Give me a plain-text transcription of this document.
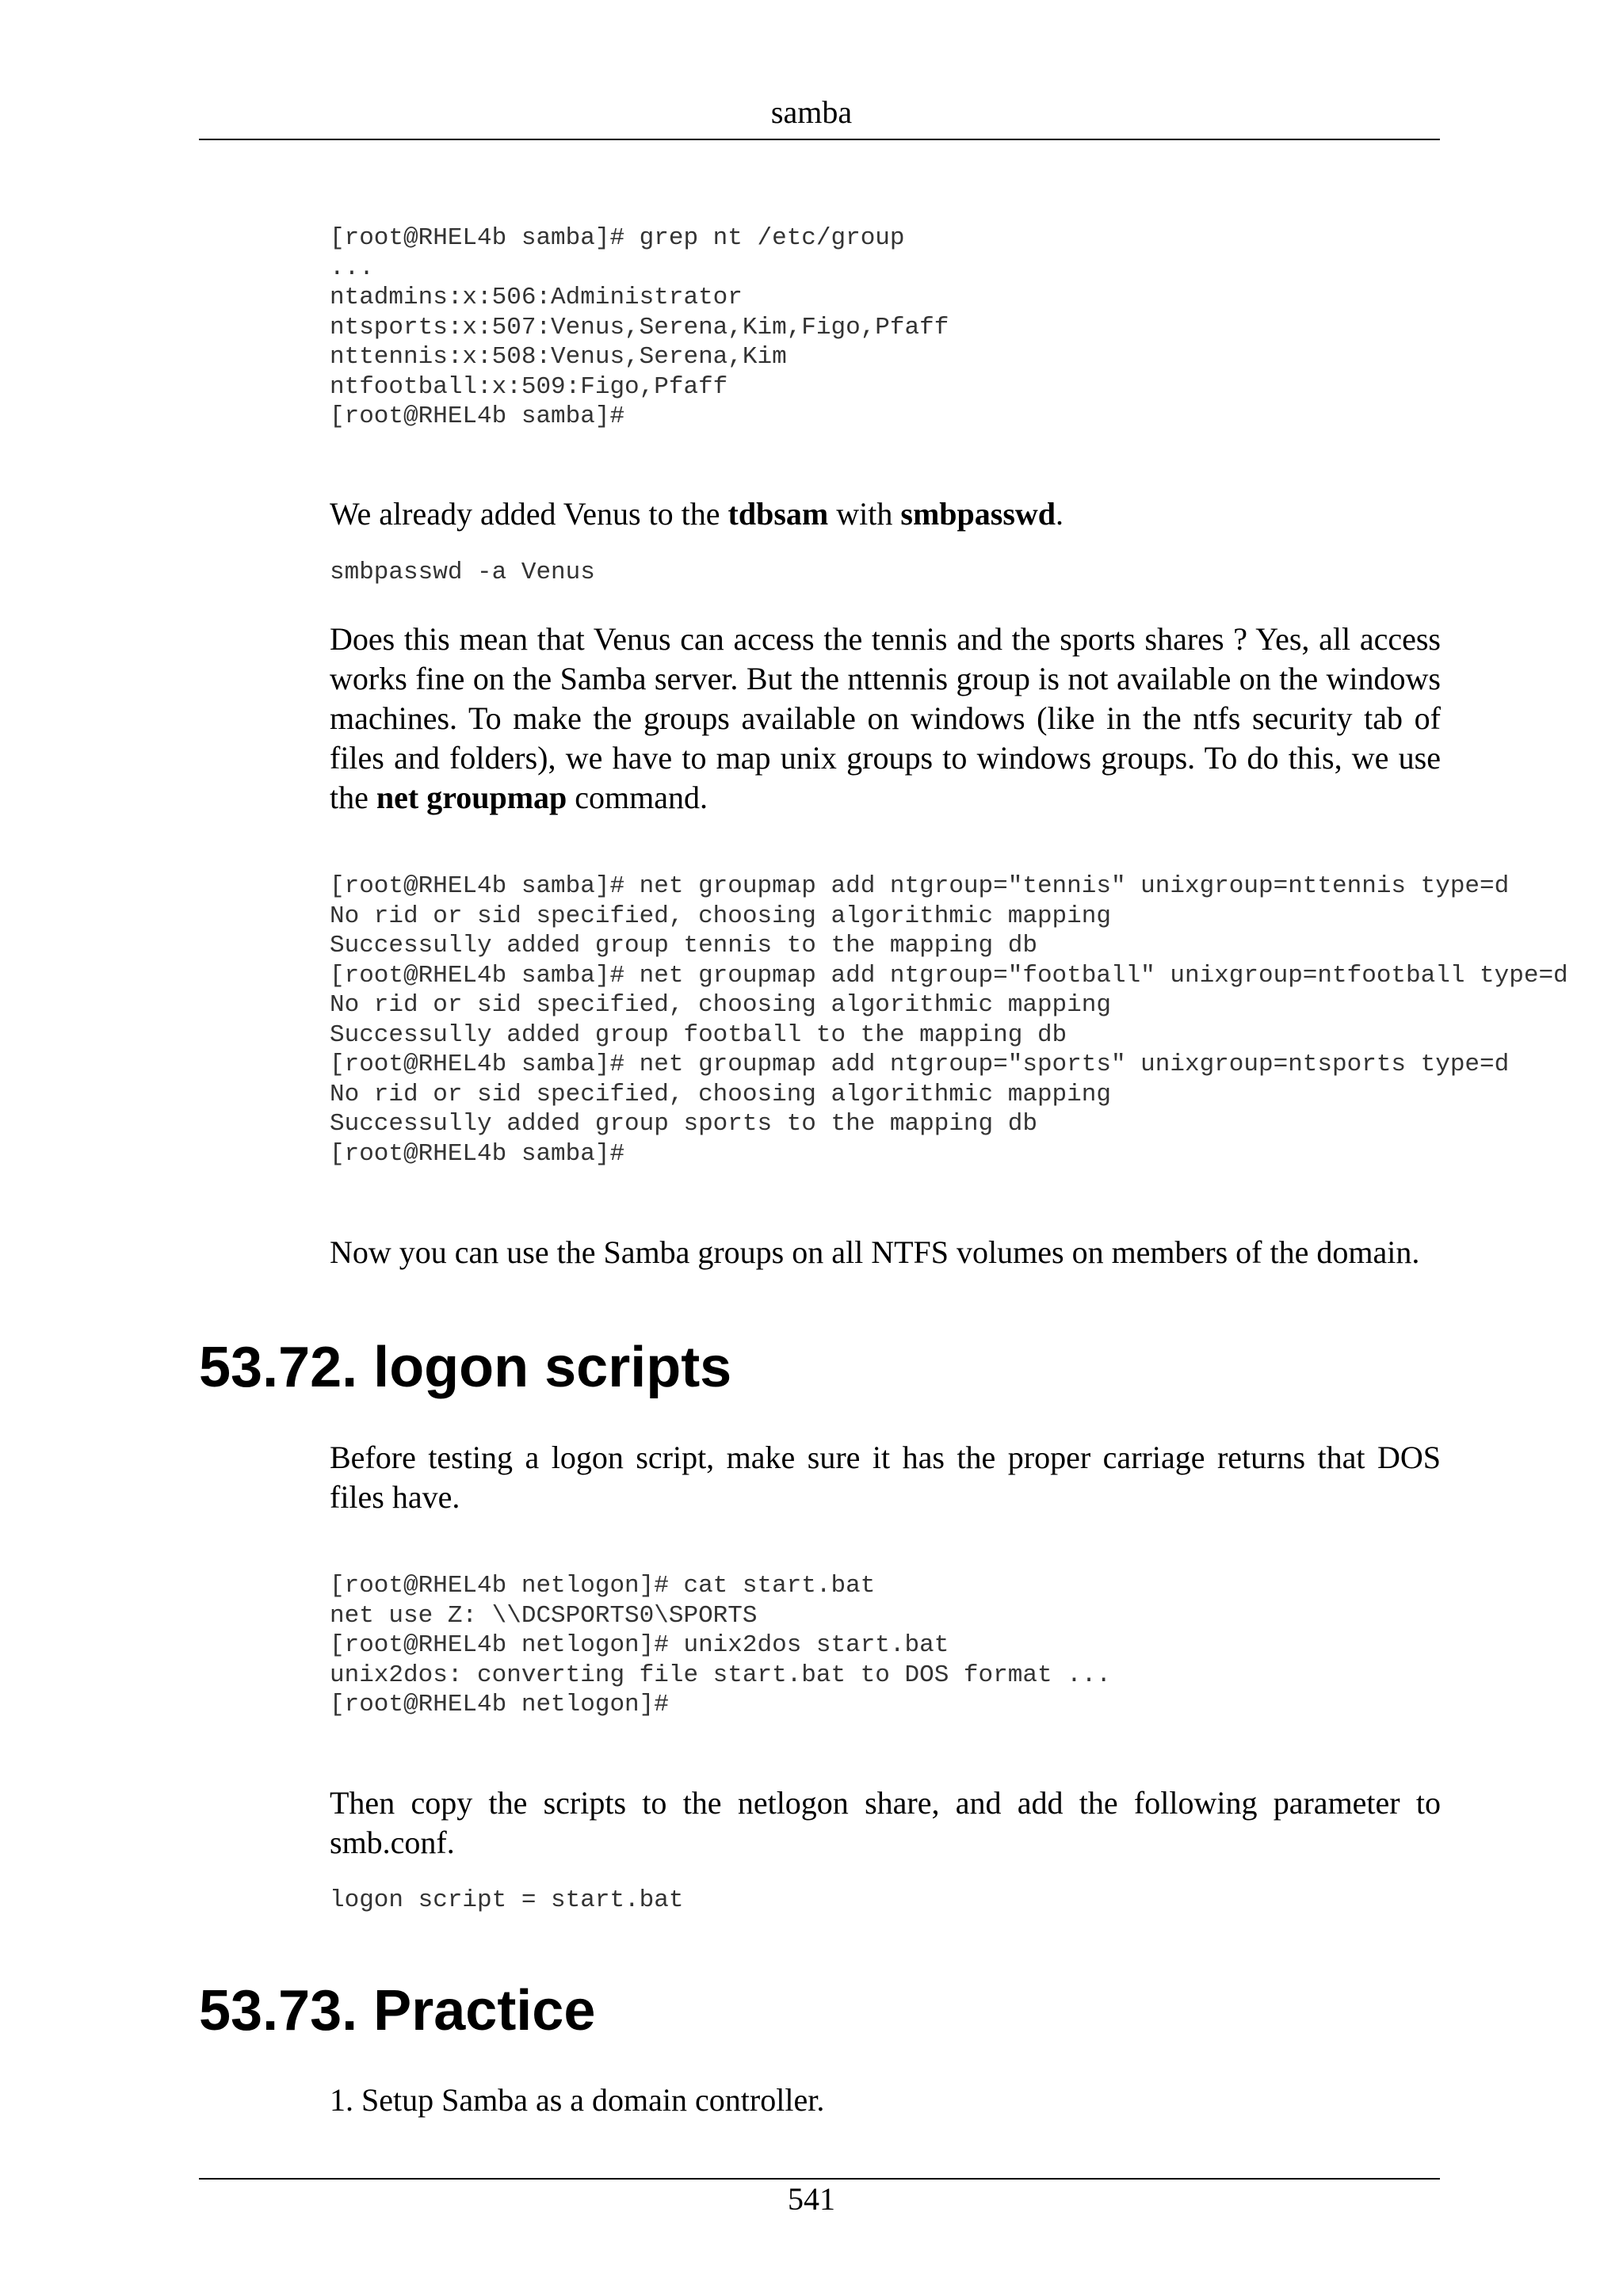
samba
[root@RHEL4b samba]# grep nt /etc/group
...
ntadmins:x:506:Administrator
ntsports:x:507:Venus,Serena,Kim,Figo,Pfaff
nttennis:x:508:Venus,Serena,Kim
ntfootball:x:509:Figo,Pfaff
[root@RHEL4b samba]#

We already added Venus to the tdbsam with smbpasswd.

smbpasswd -a Venus

Does this mean that Venus can access the tennis and the sports shares ? Yes, all access works fine on the Samba server. But the nttennis group is not available on the windows machines. To make the groups available on windows (like in the ntfs security tab of files and folders), we have to map unix groups to windows groups. To do this, we use the net groupmap command.

[root@RHEL4b samba]# net groupmap add ntgroup="tennis" unixgroup=nttennis type=d
No rid or sid specified, choosing algorithmic mapping
Successully added group tennis to the mapping db
[root@RHEL4b samba]# net groupmap add ntgroup="football" unixgroup=ntfootball type=d
No rid or sid specified, choosing algorithmic mapping
Successully added group football to the mapping db
[root@RHEL4b samba]# net groupmap add ntgroup="sports" unixgroup=ntsports type=d
No rid or sid specified, choosing algorithmic mapping
Successully added group sports to the mapping db
[root@RHEL4b samba]#

Now you can use the Samba groups on all NTFS volumes on members of the domain.

53.72. logon scripts

Before testing a logon script, make sure it has the proper carriage returns that DOS files have.

[root@RHEL4b netlogon]# cat start.bat
net use Z: \\DCSPORTS0\SPORTS
[root@RHEL4b netlogon]# unix2dos start.bat
unix2dos: converting file start.bat to DOS format ...
[root@RHEL4b netlogon]#

Then copy the scripts to the netlogon share, and add the following parameter to smb.conf.

logon script = start.bat
53.73. Practice

1. Setup Samba as a domain controller.

541
